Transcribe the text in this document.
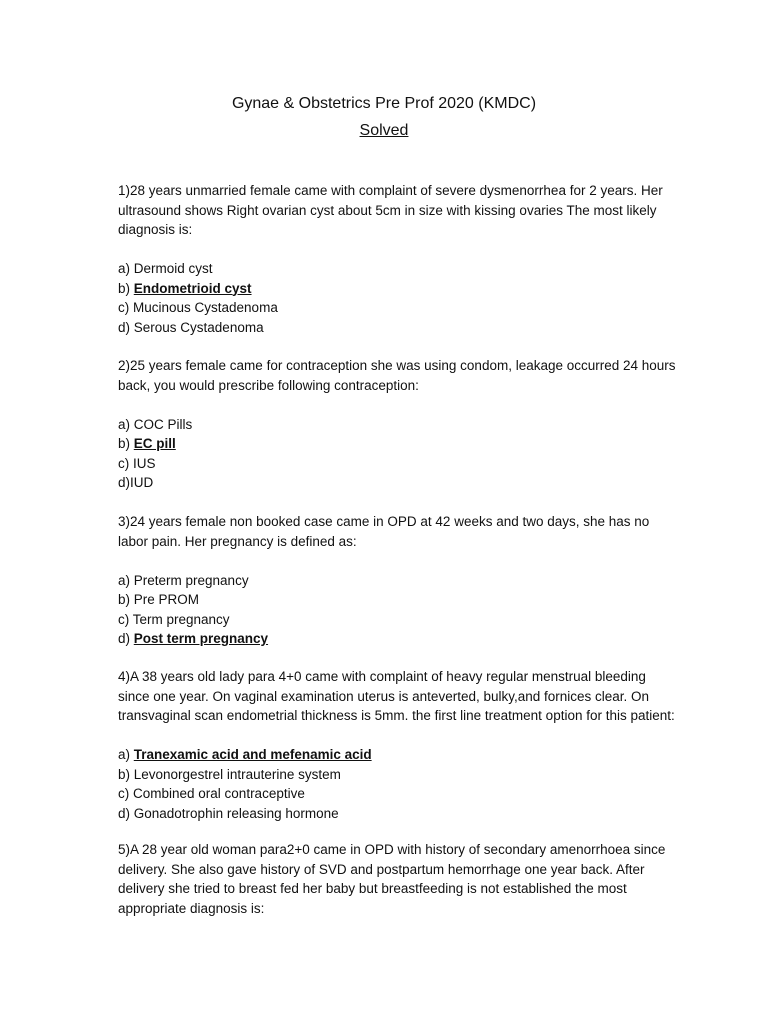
Gynae & Obstetrics Pre Prof 2020 (KMDC)
Solved

1)28 years unmarried female came with complaint of severe dysmenorrhea for 2 years. Her ultrasound shows Right ovarian cyst about 5cm in size with kissing ovaries The most likely diagnosis is:

a) Dermoid cyst
b) Endometrioid cyst
c) Mucinous Cystadenoma
d) Serous Cystadenoma

2)25 years female came for contraception she was using condom, leakage occurred 24 hours back, you would prescribe following contraception:

a) COC Pills
b) EC pill
c) IUS
d)IUD

3)24 years female non booked case came in OPD at 42 weeks and two days, she has no labor pain. Her pregnancy is defined as:

a) Preterm pregnancy
b) Pre PROM
c) Term pregnancy
d) Post term pregnancy

4)A 38 years old lady para 4+0 came with complaint of heavy regular menstrual bleeding since one year. On vaginal examination uterus is anteverted, bulky,and fornices clear. On transvaginal scan endometrial thickness is 5mm. the first line treatment option for this patient:

a) Tranexamic acid and mefenamic acid
b) Levonorgestrel intrauterine system
c) Combined oral contraceptive
d) Gonadotrophin releasing hormone

5)A 28 year old woman para2+0 came in OPD with history of secondary amenorrhoea since delivery. She also gave history of SVD and postpartum hemorrhage one year back. After delivery she tried to breast fed her baby but breastfeeding is not established the most appropriate diagnosis is:
